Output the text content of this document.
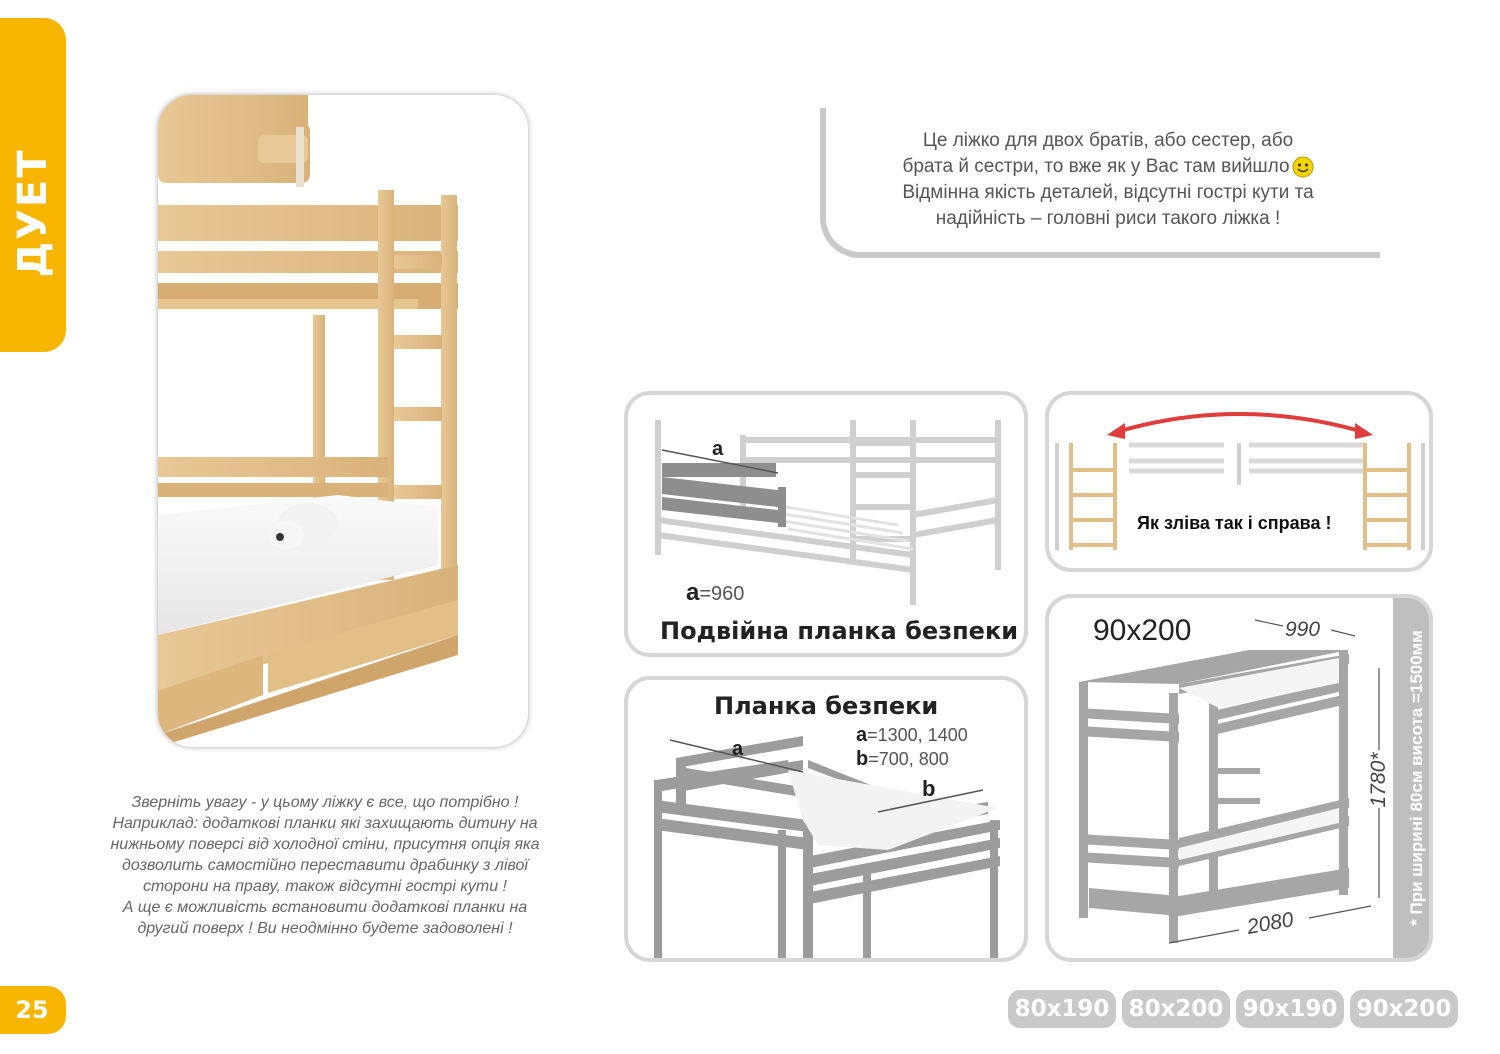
ДУЕТ
25
Це ліжко для двох братів, або сестер, або
брата й сестри, то вже як у Вас там вийшло
Відмінна якість деталей, відсутні гострі кути та
надійність – головні риси такого ліжка !
Зверніть увагу - у цьому ліжку є все, що потрібно !
Наприклад: додаткові планки які захищають дитину на
нижньому поверсі від холодної стіни, присутня опція яка
дозволить самостійно переставити драбинку з лівої
сторони на праву, також відсутні гострі кути !
А ще є можливість встановити додаткові планки на
другий поверх ! Ви неодмінно будете задоволені !
a
a=960
Подвійна планка безпеки
Як зліва так і справа !
Планка безпеки
a
b
a=1300, 1400
b=700, 800
90x200	990
1780*
2080	* При ширині 80см висота =1500мм
80x190 80x200 90x190 90x200
